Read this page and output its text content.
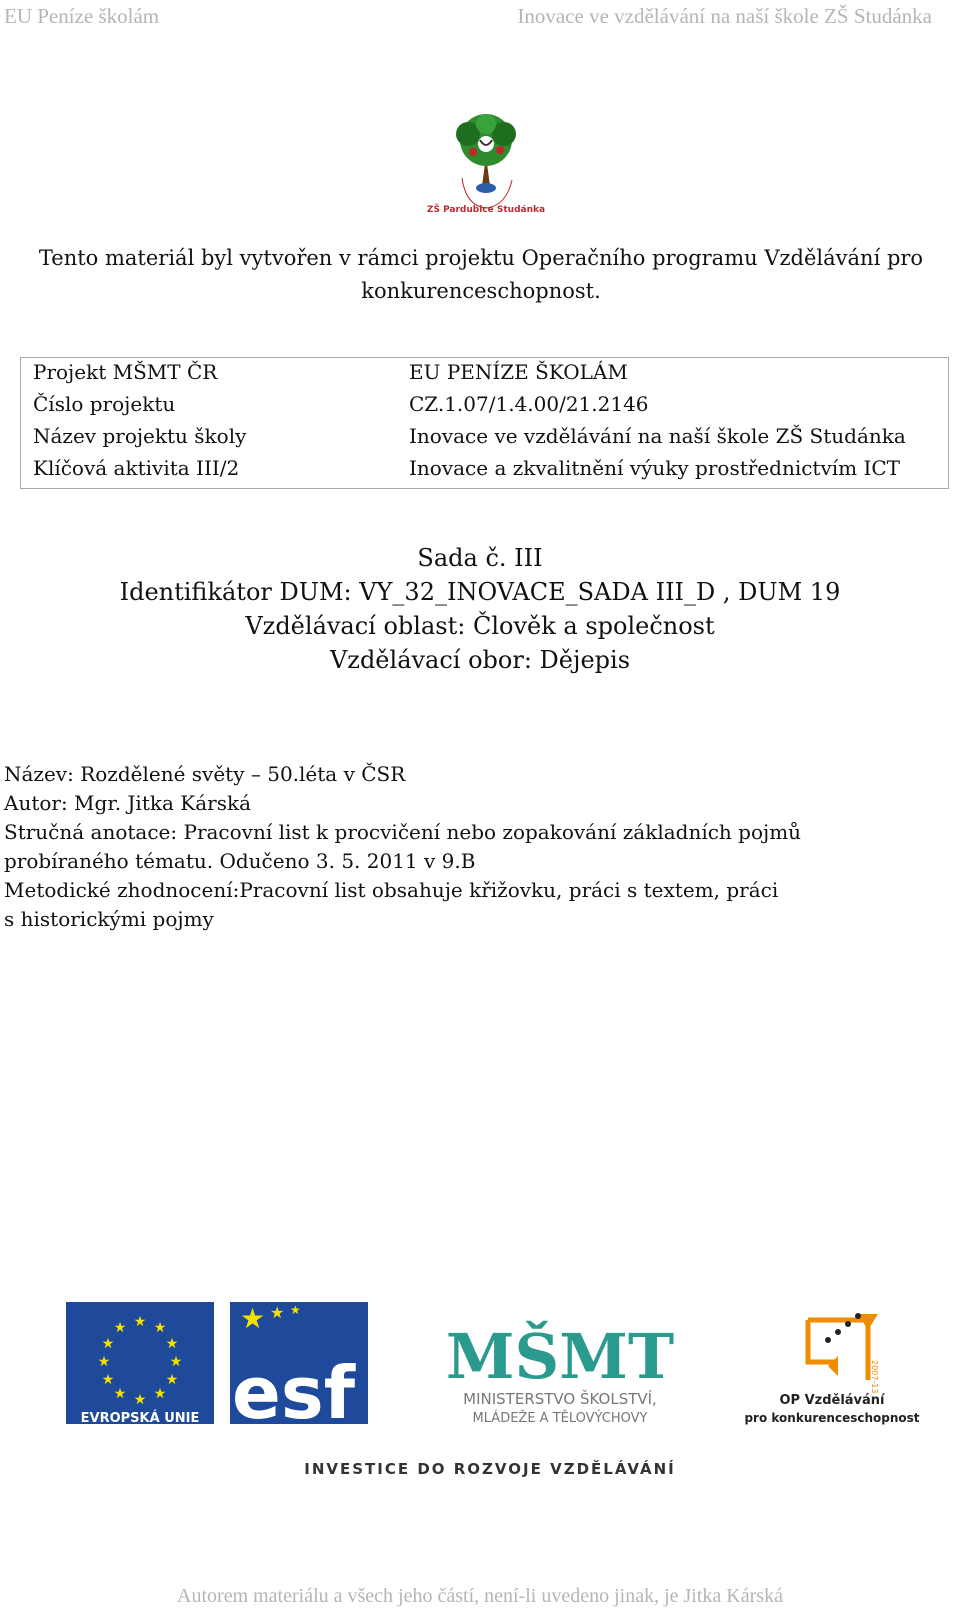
EU Peníze školám	Inovace ve vzdělávání na naší škole ZŠ Studánka
ZŠ Pardubice Studánka
Tento materiál byl vytvořen v rámci projektu Operačního programu Vzdělávání pro
konkurenceschopnost.
Projekt MŠMT ČR	EU PENÍZE ŠKOLÁM
Číslo projektu	CZ.1.07/1.4.00/21.2146
Název projektu školy	Inovace ve vzdělávání na naší škole ZŠ Studánka
Klíčová aktivita III/2	Inovace a zkvalitnění výuky prostřednictvím ICT
Sada č. III
Identifikátor DUM: VY_32_INOVACE_SADA III_D , DUM 19
Vzdělávací oblast: Člověk a společnost
Vzdělávací obor: Dějepis

Název: Rozdělené světy – 50.léta v ČSR

Autor: Mgr. Jitka Kárská

Stručná anotace: Pracovní list k procvičení nebo zopakování základních pojmů

probíraného tématu. Odučeno 3. 5. 2011 v 9.B

Metodické zhodnocení:Pracovní list obsahuje křižovku, práci s textem, práci

s historickými pojmy

★ ★
★
★
★
★
★
★
★
★
★
★
EVROPSKÁ UNIE
★ ★ ★
esf MŠMT
MINISTERSTVO ŠKOLSTVÍ,
MLÁDEŽE A TĚLOVÝCHOVY
2007-13
OP Vzdělávání
pro konkurenceschopnost
INVESTICE DO ROZVOJE VZDĚLÁVÁNÍ
Autorem materiálu a všech jeho částí, není-li uvedeno jinak, je Jitka Kárská
